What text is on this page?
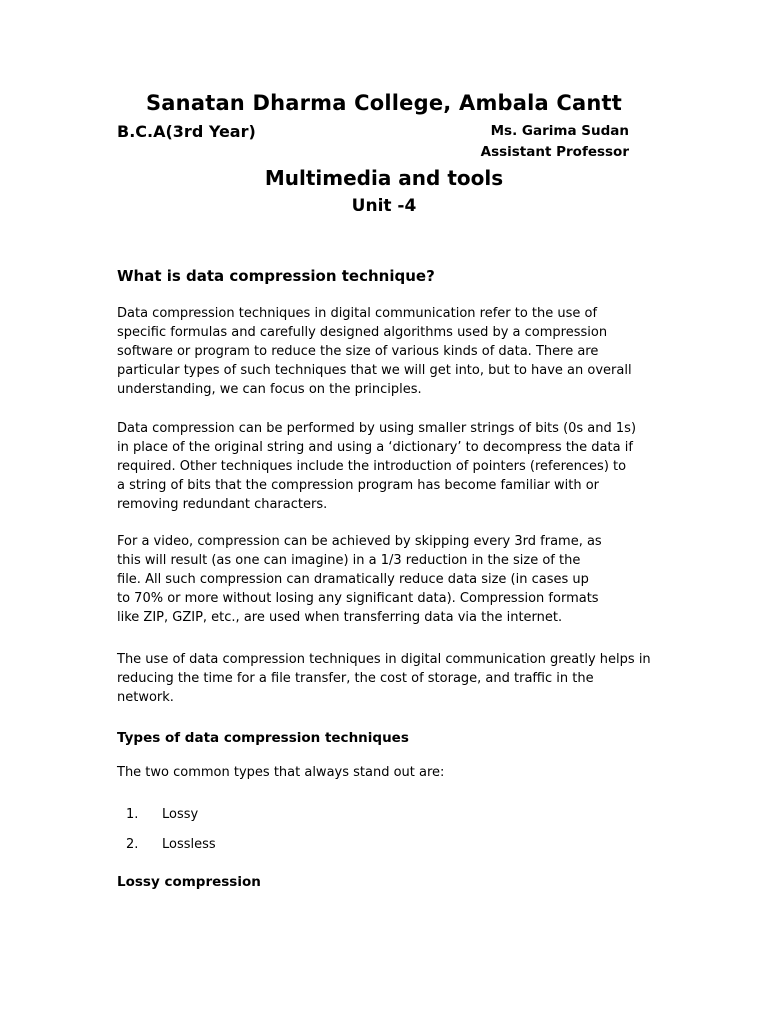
Sanatan Dharma College, Ambala Cantt
B.C.A(3rd Year)	Ms. Garima Sudan
Assistant Professor
Multimedia and tools
Unit -4
What is data compression technique?
Data compression techniques in digital communication refer to the use of
specific formulas and carefully designed algorithms used by a compression
software or program to reduce the size of various kinds of data. There are
particular types of such techniques that we will get into, but to have an overall
understanding, we can focus on the principles.
Data compression can be performed by using smaller strings of bits (0s and 1s)
in place of the original string and using a ‘dictionary’ to decompress the data if
required. Other techniques include the introduction of pointers (references) to
a string of bits that the compression program has become familiar with or
removing redundant characters.
For a video, compression can be achieved by skipping every 3rd frame, as
this will result (as one can imagine) in a 1/3 reduction in the size of the
file. All such compression can dramatically reduce data size (in cases up
to 70% or more without losing any significant data). Compression formats
like ZIP, GZIP, etc., are used when transferring data via the internet.
The use of data compression techniques in digital communication greatly helps in
reducing the time for a file transfer, the cost of storage, and traffic in the
network.
Types of data compression techniques
The two common types that always stand out are:
1. Lossy
2. Lossless
Lossy compression
